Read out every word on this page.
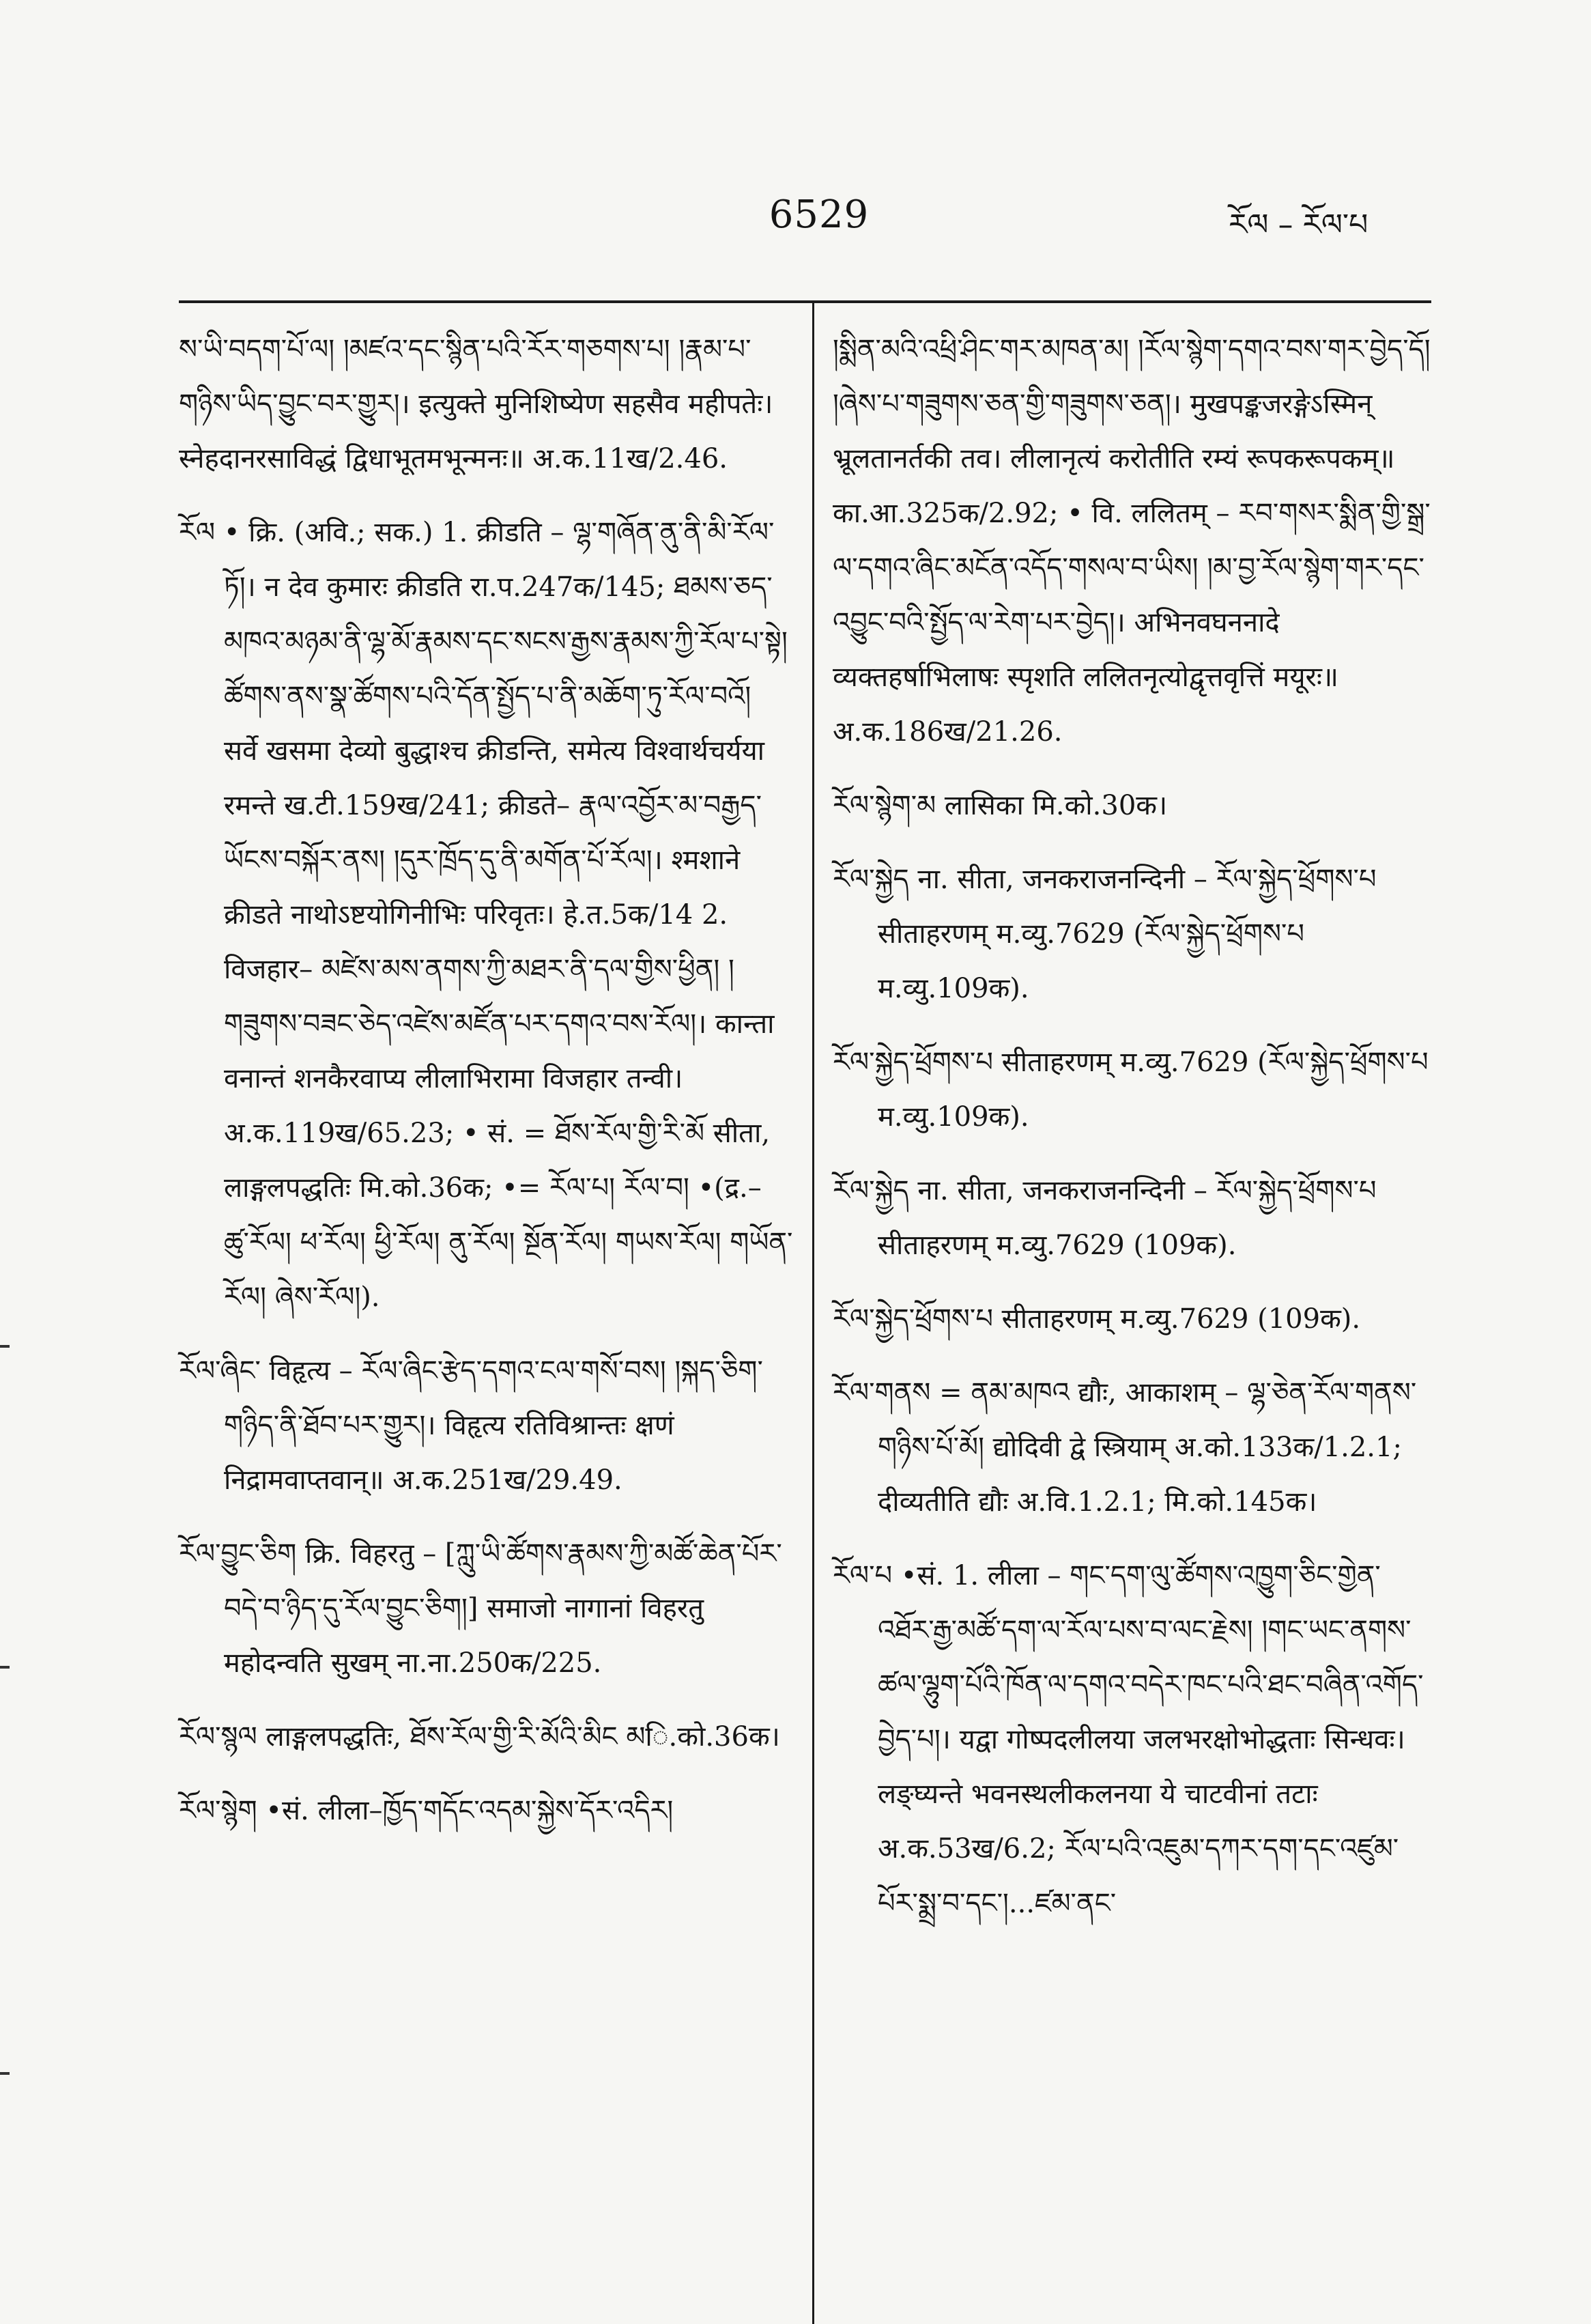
6529	རོལ – རོལ་པ

ས་ཡི་བདག་པོ་ལ། །མཛའ་དང་སྙིན་པའི་རོར་གཅགས་པ། །རྣམ་པ་གཉིས་ཡིད་བྱུང་བར་གྱུར།। इत्युक्ते मुनिशिष्येण सहसैव महीपतेः। स्नेहदानरसाविद्धं द्विधाभूतमभून्मनः॥ अ.क.11ख/2.46.

རོལ • क्रि. (अवि.; सक.) 1. क्रीडति – ལྷ་གཞོན་ནུ་ནི་མི་རོལ་ཏོ།। न देव कुमारः क्रीडति रा.प.247क/145; ཐམས་ཅད་མཁའ་མཉམ་ནི་ལྷ་མོ་རྣམས་དང་སངས་རྒྱས་རྣམས་ཀྱི་རོལ་པ་སྟེ། ཚོགས་ནས་སྣ་ཚོགས་པའི་དོན་སྤྱོད་པ་ནི་མཆོག་ཏུ་རོལ་བའོ། सर्वे खसमा देव्यो बुद्धाश्च क्रीडन्ति, समेत्य विश्वार्थचर्यया रमन्ते ख.टी.159ख/241; क्रीडते– རྣལ་འབྱོར་མ་བརྒྱད་ཡོངས་བསྐོར་ནས། །དུར་ཁྲོད་དུ་ནི་མགོན་པོ་རོལ།। श्मशाने क्रीडते नाथोऽष्टयोगिनीभिः परिवृतः। हे.त.5क/14 2. विजहार– མཛེས་མས་ནགས་ཀྱི་མཐར་ནི་དལ་གྱིས་ཕྱིན། །གཟུགས་བཟང་ཅེད་འཛེས་མཛོན་པར་དགའ་བས་རོལ།। कान्ता वनान्तं शनकैरवाप्य लीलाभिरामा विजहार तन्वी। अ.क.119ख/65.23; • सं. = ཐོས་རོལ་གྱི་རི་མོ सीता, लाङ्गलपद्धतिः मि.को.36क; •= རོལ་པ། རོལ་བ། •(द्र.– ཚུ་རོལ། ཕ་རོལ། ཕྱི་རོལ། ནུ་རོལ། སྔོན་རོལ། གཡས་རོལ། གཡོན་རོལ། ཞེས་རོལ།).

རོལ་ཞིང་ विहृत्य – རོལ་ཞིང་རྩེད་དགའ་ངལ་གསོ་བས། །སྐད་ཅིག་གཉིད་ནི་ཐོབ་པར་གྱུར།। विहृत्य रतिविश्रान्तः क्षणं निद्रामवाप्तवान्॥ अ.क.251ख/29.49.

རོལ་བྱུང་ཅིག क्रि. विहरतु – [ཀླུ་ཡི་ཚོགས་རྣམས་ཀྱི་མཚོ་ཆེན་པོར་བདེ་བ་ཉིད་དུ་རོལ་བྱུང་ཅིག།] समाजो नागानां विहरतु महोदन्वति सुखम् ना.ना.250क/225.

རོལ་སྙལ लाङ्गलपद्धतिः, ཐོས་རོལ་གྱི་རི་མོའི་མིང མि.को.36क।

རོལ་སྙེག •सं. लीला–ཁྱོད་གདོང་འདམ་སྐྱེས་དོར་འདིར།

།སྨིན་མའི་འཕྲི་ཤིང་གར་མཁན་མ། །རོལ་སྙེག་དགའ་བས་གར་བྱེད་དོ། །ཞེས་པ་གཟུགས་ཅན་གྱི་གཟུགས་ཅན།। मुखपङ्कजरङ्गेऽस्मिन् भ्रूलतानर्तकी तव। लीलानृत्यं करोतीति रम्यं रूपकरूपकम्॥ का.आ.325क/2.92; • वि. ललितम् – རབ་གསར་སྨིན་གྱི་སྒྲ་ལ་དགའ་ཞིང་མངོན་འདོད་གསལ་བ་ཡིས། །མ་བྱ་རོལ་སྙེག་གར་དང་འབྱུང་བའི་སྤྱོད་ལ་རེག་པར་བྱེད།। अभिनवघननादे व्यक्तहर्षाभिलाषः स्पृशति ललितनृत्योद्वृत्तवृत्तिं मयूरः॥ अ.क.186ख/21.26.

རོལ་སྙེག་མ लासिका मि.को.30क।

རོལ་སྐྱེད ना. सीता, जनकराजनन्दिनी – རོལ་སྐྱེད་ཕྲོགས་པ सीताहरणम् म.व्यु.7629 (རོལ་སྐྱེད་ཕྲོགས་པ म.व्यु.109क).

རོལ་སྐྱེད་ཕྲོགས་པ सीताहरणम् म.व्यु.7629 (རོལ་སྐྱེད་ཕྲོགས་པ म.व्यु.109क).

རོལ་སྐྱེད ना. सीता, जनकराजनन्दिनी – རོལ་སྐྱེད་ཕྲོགས་པ सीताहरणम् म.व्यु.7629 (109क).

རོལ་སྐྱེད་ཕྲོགས་པ सीताहरणम् म.व्यु.7629 (109क).

རོལ་གནས = ནམ་མཁའ द्यौः, आकाशम् – ལྷ་ཅེན་རོལ་གནས་གཉིས་པོ་མོ། द्योदिवी द्वे स्त्रियाम् अ.को.133क/1.2.1; दीव्यतीति द्यौः अ.वि.1.2.1; मि.को.145क।

རོལ་པ •सं. 1. लीला – གང་དག་ལུ་ཚོགས་འཁྱུག་ཅིང་གྱེན་འཐོར་རྒྱ་མཚོ་དག་ལ་རོལ་པས་བ་ལང་རྗེས། །གང་ཡང་ནགས་ཚལ་ལྷུག་པོའི་ཁོན་ལ་དགའ་བདེར་ཁང་པའི་ཐང་བཞིན་འགོད་བྱེད་པ།। यद्वा गोष्पदलीलया जलभरक्षोभोद्धताः सिन्धवः। लङ्घ्यन्ते भवनस्थलीकलनया ये चाटवीनां तटाः अ.क.53ख/6.2; རོལ་པའི་འཇུམ་དཀར་དག་དང་འཛུམ་པོར་སྨྲ་བ་དང་།...ཛམ་ནང་
